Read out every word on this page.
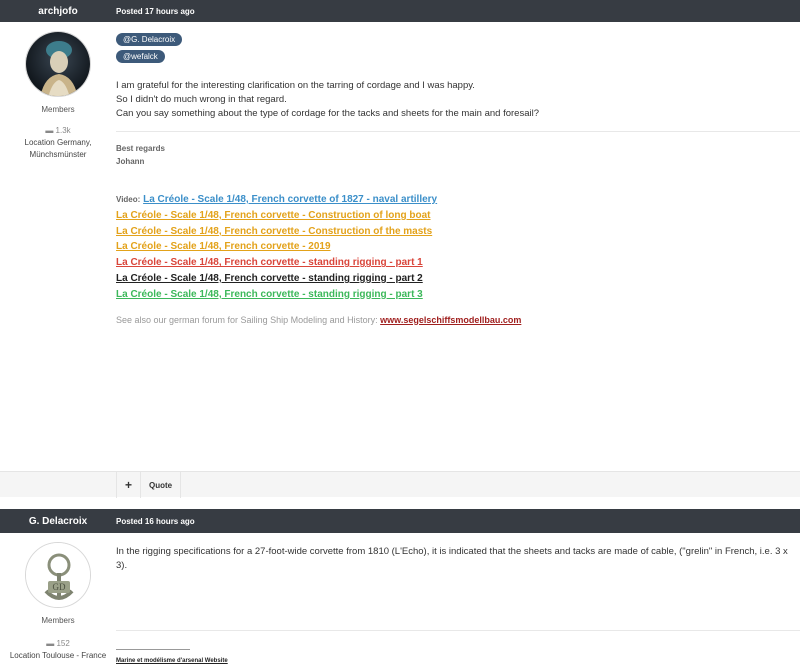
archjofo	Posted 17 hours ago
Members
▬ 1.3k
Location Germany,
Münchsmünster
@G. Delacroix
@wefalck
I am grateful for the interesting clarification on the tarring of cordage and I was happy.
So I didn't do much wrong in that regard.
Can you say something about the type of cordage for the tacks and sheets for the main and foresail?
Best regards
Johann
Video: La Créole - Scale 1/48, French corvette of 1827 - naval artillery
La Créole - Scale 1/48, French corvette - Construction of long boat
La Créole - Scale 1/48, French corvette - Construction of the masts
La Créole - Scale 1/48, French corvette - 2019
La Créole - Scale 1/48, French corvette - standing rigging - part 1
La Créole - Scale 1/48, French corvette - standing rigging - part 2
La Créole - Scale 1/48, French corvette - standing rigging - part 3
See also our german forum for Sailing Ship Modeling and History: www.segelschiffsmodellbau.com
+	Quote
G. Delacroix	Posted 16 hours ago
GD
Members
▬ 152
Location Toulouse - France
In the rigging specifications for a 27-foot-wide corvette from 1810 (L'Echo), it is indicated that the sheets and tacks are made of cable, ("grelin" in French, i.e. 3 x 3).
Marine et modélisme d'arsenal Website
